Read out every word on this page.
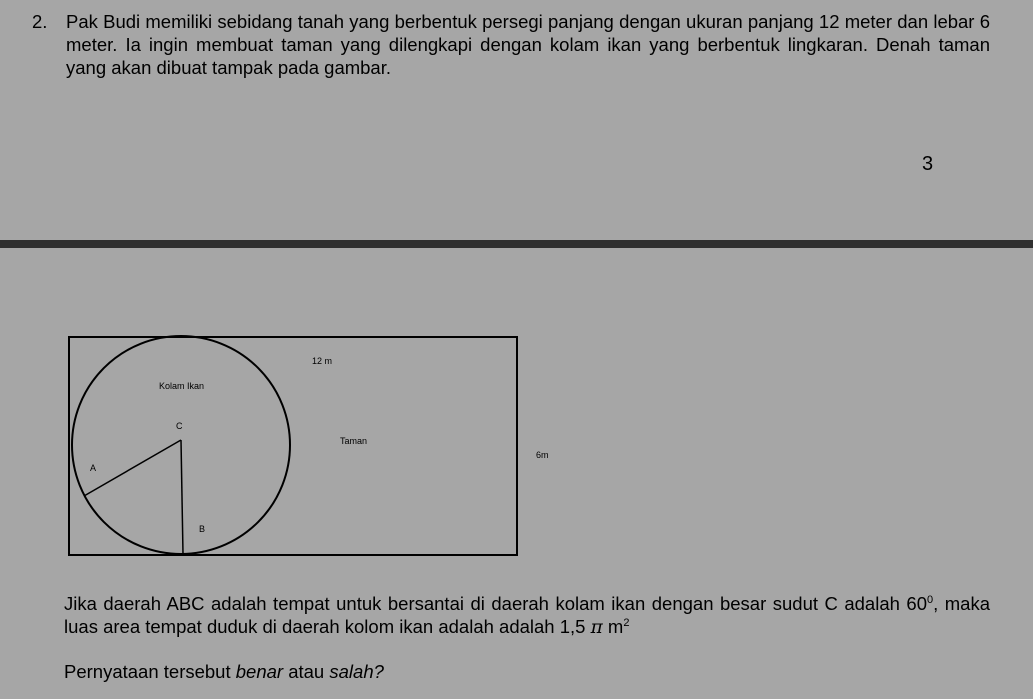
2. Pak Budi memiliki sebidang tanah yang berbentuk persegi panjang dengan ukuran panjang 12 meter dan lebar 6 meter. Ia ingin membuat taman yang dilengkapi dengan kolam ikan yang berbentuk lingkaran. Denah taman yang akan dibuat tampak pada gambar.
3
12 m
6m
Kolam Ikan
Taman
C
A
B
Jika daerah ABC adalah tempat untuk bersantai di daerah kolam ikan dengan besar sudut C adalah $60^0$, maka luas area tempat duduk di daerah kolom ikan adalah adalah 1,5 π $m^2$
Pernyataan tersebut benar atau salah?
